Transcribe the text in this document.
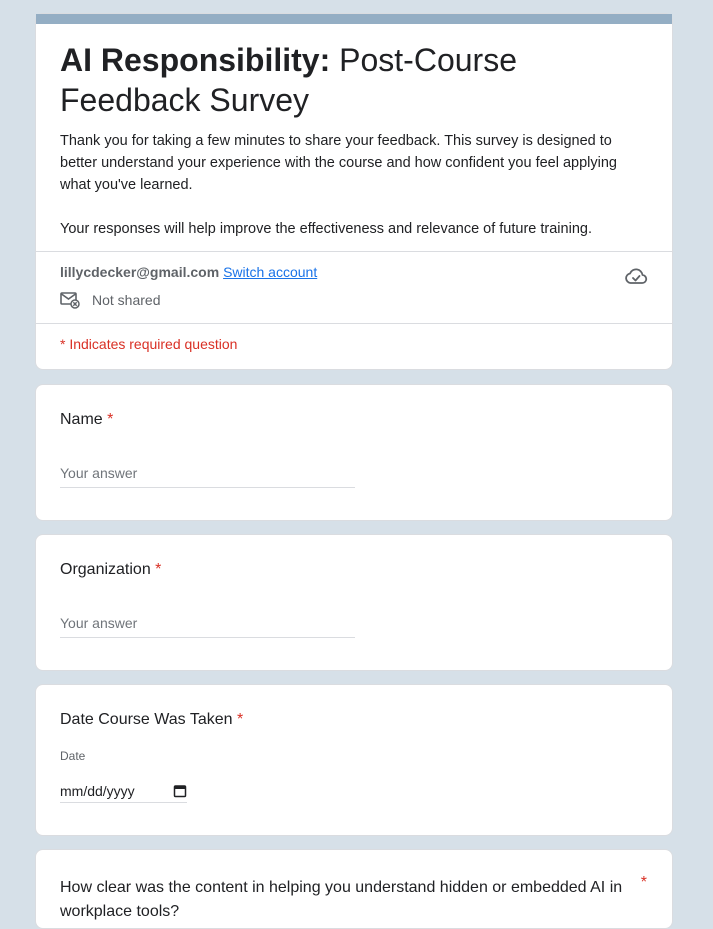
AI Responsibility: Post-Course Feedback Survey

Thank you for taking a few minutes to share your feedback. This survey is designed to better understand your experience with the course and how confident you feel applying what you've learned.

Your responses will help improve the effectiveness and relevance of future training.

lillycdecker@gmail.com Switch account
Not shared
* Indicates required question
Name *
Your answer
Organization *
Your answer
Date Course Was Taken *
Date
mm/dd/yyyy
How clear was the content in helping you understand hidden or embedded AI in workplace tools?
*
